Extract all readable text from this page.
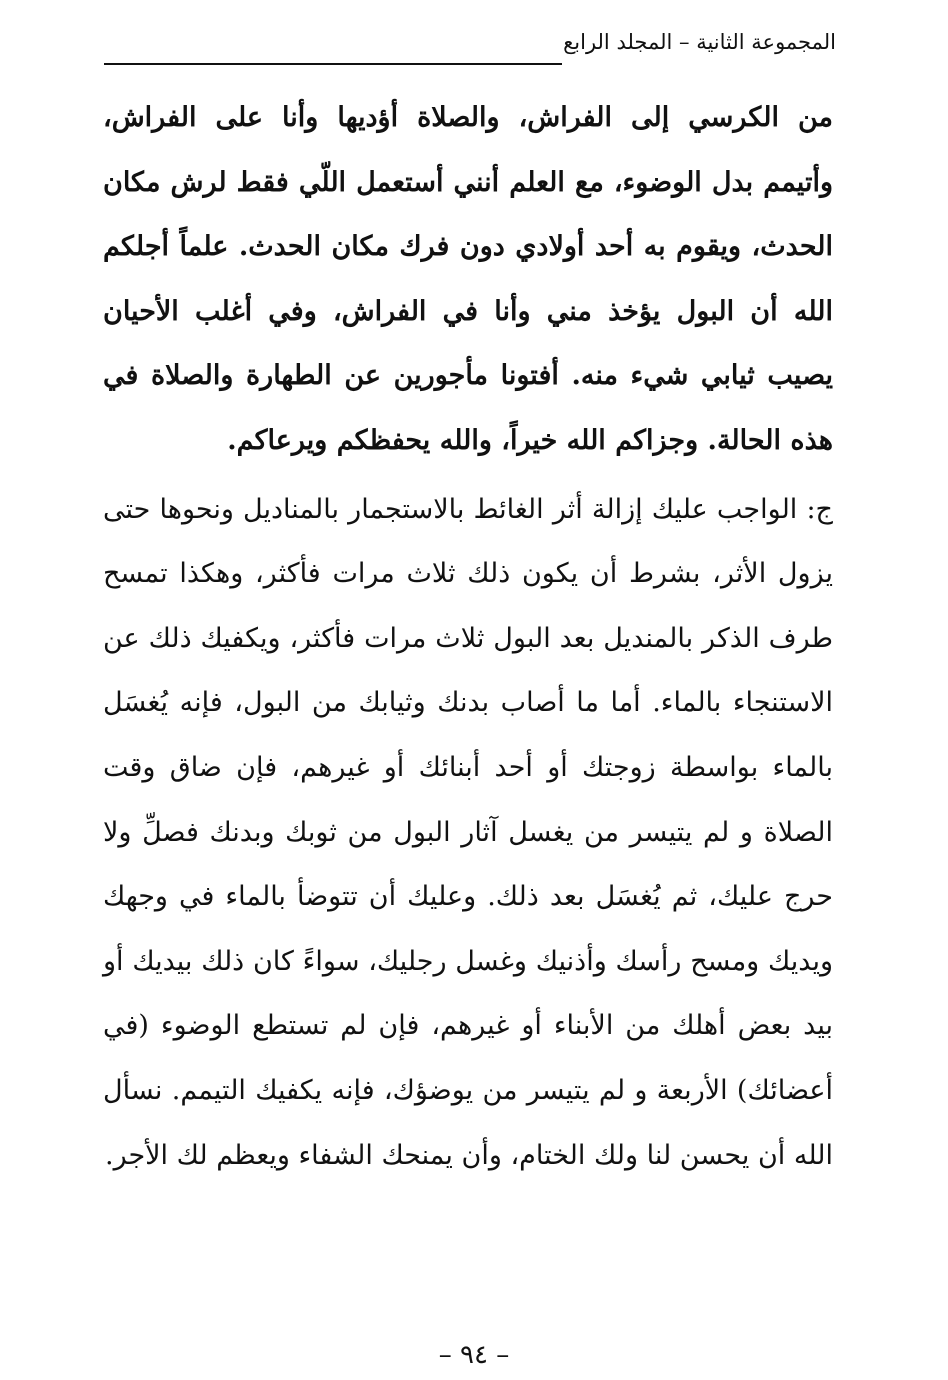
المجموعة الثانية – المجلد الرابع

من الكرسي إلى الفراش، والصلاة أؤديها وأنا على الفراش، وأتيمم بدل الوضوء، مع العلم أنني أستعمل اللّي فقط لرش مكان الحدث، ويقوم به أحد أولادي دون فرك مكان الحدث. علماً أجلكم الله أن البول يؤخذ مني وأنا في الفراش، وفي أغلب الأحيان يصيب ثيابي شيء منه. أفتونا مأجورين عن الطهارة والصلاة في هذه الحالة. وجزاكم الله خيراً، والله يحفظكم ويرعاكم.

ج: الواجب عليك إزالة أثر الغائط بالاستجمار بالمناديل ونحوها حتى يزول الأثر، بشرط أن يكون ذلك ثلاث مرات فأكثر، وهكذا تمسح طرف الذكر بالمنديل بعد البول ثلاث مرات فأكثر، ويكفيك ذلك عن الاستنجاء بالماء. أما ما أصاب بدنك وثيابك من البول، فإنه يُغسَل بالماء بواسطة زوجتك أو أحد أبنائك أو غيرهم، فإن ضاق وقت الصلاة و لم يتيسر من يغسل آثار البول من ثوبك وبدنك فصلِّ ولا حرج عليك، ثم يُغسَل بعد ذلك. وعليك أن تتوضأ بالماء في وجهك ويديك ومسح رأسك وأذنيك وغسل رجليك، سواءً كان ذلك بيديك أو بيد بعض أهلك من الأبناء أو غيرهم، فإن لم تستطع الوضوء (في أعضائك) الأربعة و لم يتيسر من يوضؤك، فإنه يكفيك التيمم. نسأل الله أن يحسن لنا ولك الختام، وأن يمنحك الشفاء ويعظم لك الأجر.

– ٩٤ –
